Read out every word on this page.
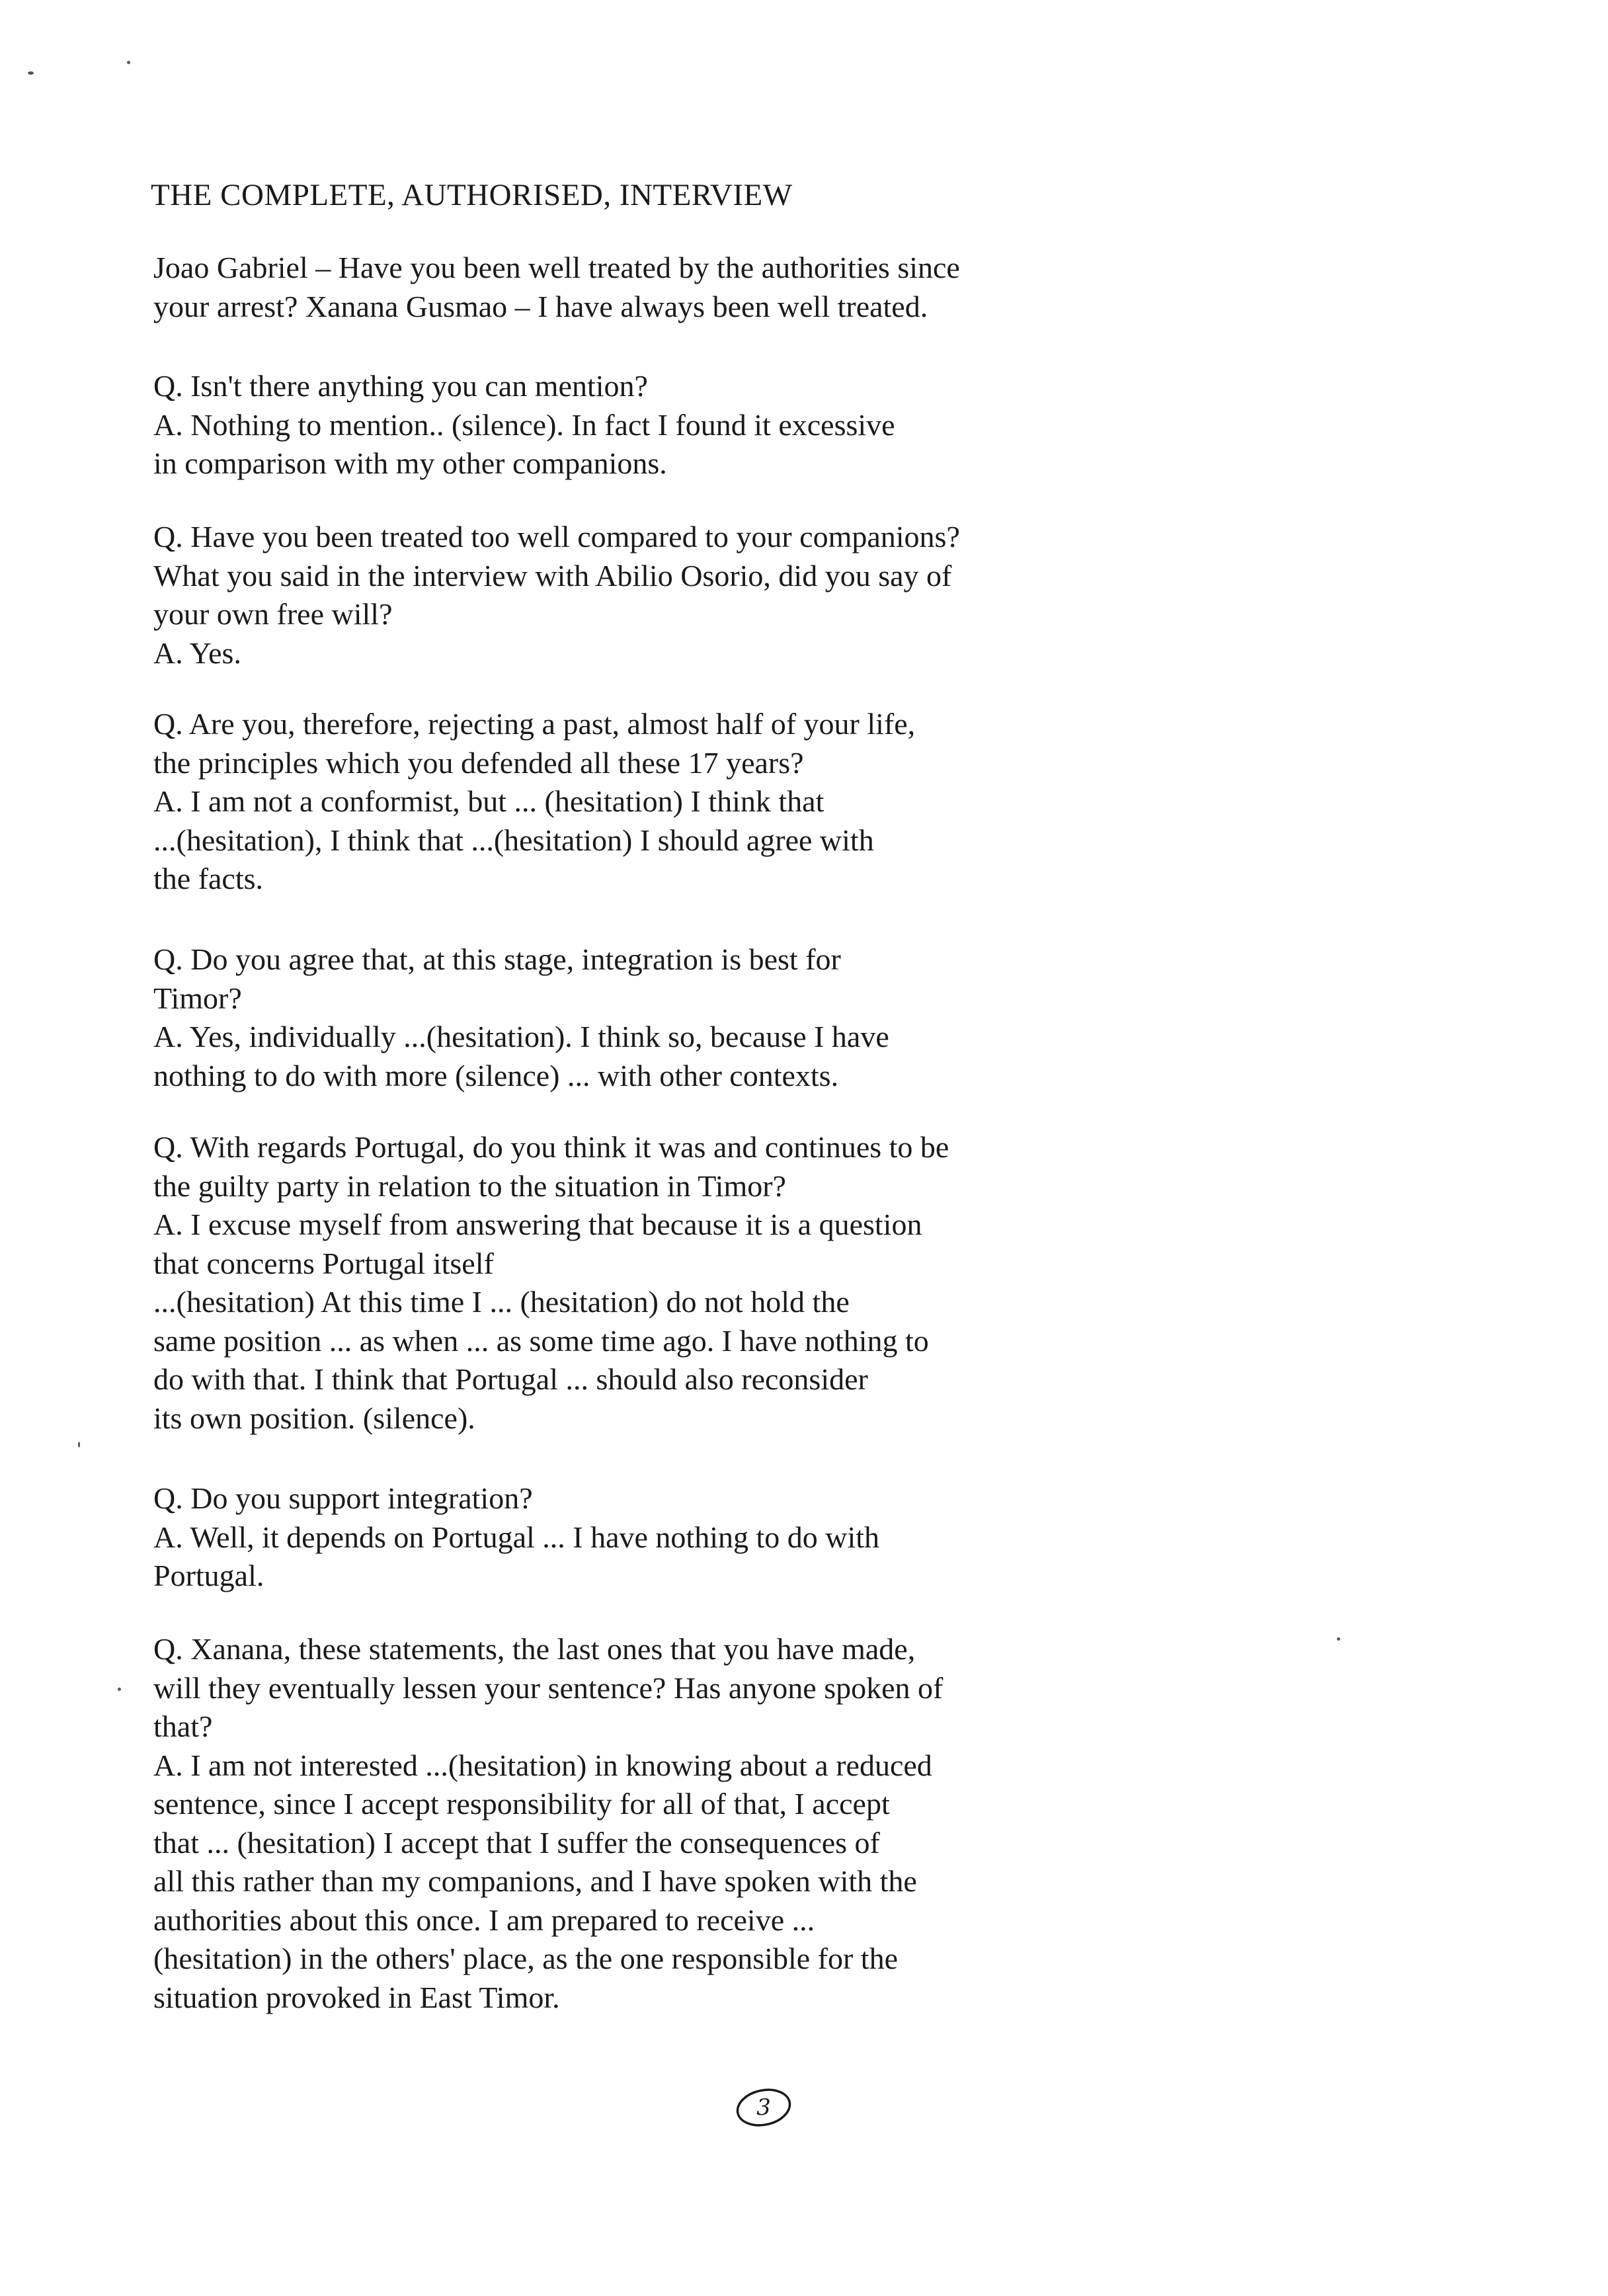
THE COMPLETE, AUTHORISED, INTERVIEW
Joao Gabriel – Have you been well treated by the authorities since
your arrest? Xanana Gusmao – I have always been well treated.
Q. Isn't there anything you can mention?
A. Nothing to mention.. (silence). In fact I found it excessive
in comparison with my other companions.
Q. Have you been treated too well compared to your companions?
What you said in the interview with Abilio Osorio, did you say of
your own free will?
A. Yes.
Q. Are you, therefore, rejecting a past, almost half of your life,
the principles which you defended all these 17 years?
A. I am not a conformist, but ... (hesitation) I think that
...(hesitation), I think that ...(hesitation) I should agree with
the facts.
Q. Do you agree that, at this stage, integration is best for
Timor?
A. Yes, individually ...(hesitation). I think so, because I have
nothing to do with more (silence) ... with other contexts.
Q. With regards Portugal, do you think it was and continues to be
the guilty party in relation to the situation in Timor?
A. I excuse myself from answering that because it is a question
that concerns Portugal itself
...(hesitation) At this time I ... (hesitation) do not hold the
same position ... as when ... as some time ago. I have nothing to
do with that. I think that Portugal ... should also reconsider
its own position. (silence).
Q. Do you support integration?
A. Well, it depends on Portugal ... I have nothing to do with
Portugal.
Q. Xanana, these statements, the last ones that you have made,
will they eventually lessen your sentence? Has anyone spoken of
that?
A. I am not interested ...(hesitation) in knowing about a reduced
sentence, since I accept responsibility for all of that, I accept
that ... (hesitation) I accept that I suffer the consequences of
all this rather than my companions, and I have spoken with the
authorities about this once. I am prepared to receive ...
(hesitation) in the others' place, as the one responsible for the
situation provoked in East Timor.
3
